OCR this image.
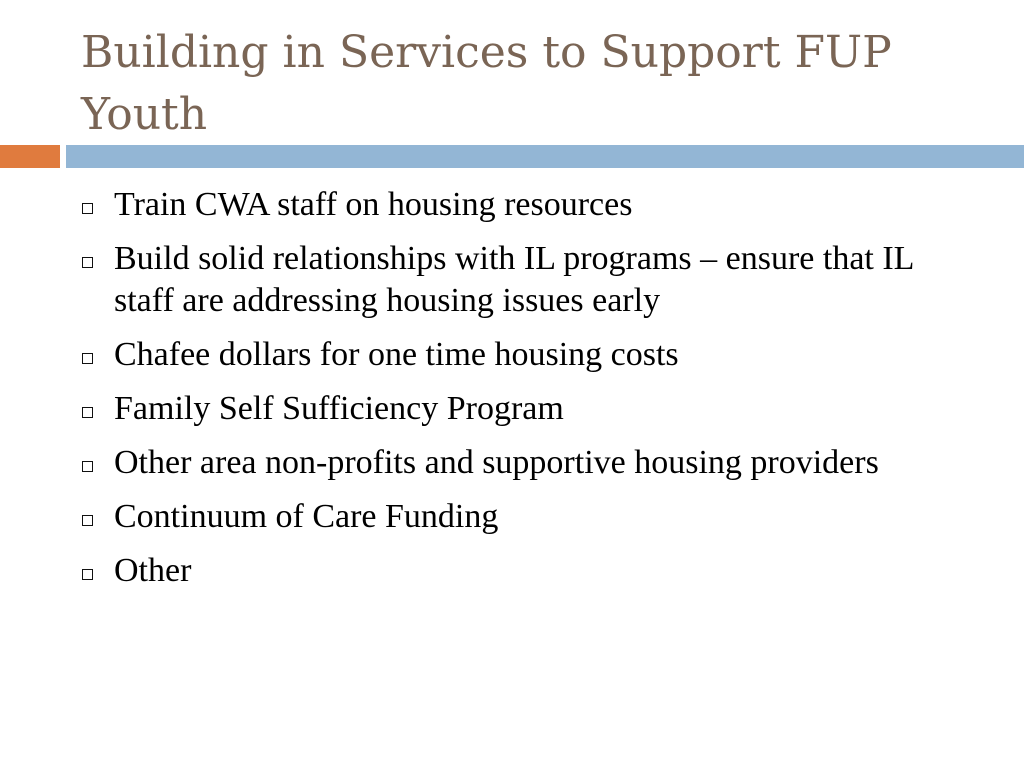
Building in Services to Support FUP Youth
Train CWA staff on housing resources
Build solid relationships with IL programs – ensure that IL staff are addressing housing issues early
Chafee dollars for one time housing costs
Family Self Sufficiency Program
Other area non-profits and supportive housing providers
Continuum of Care Funding
Other
